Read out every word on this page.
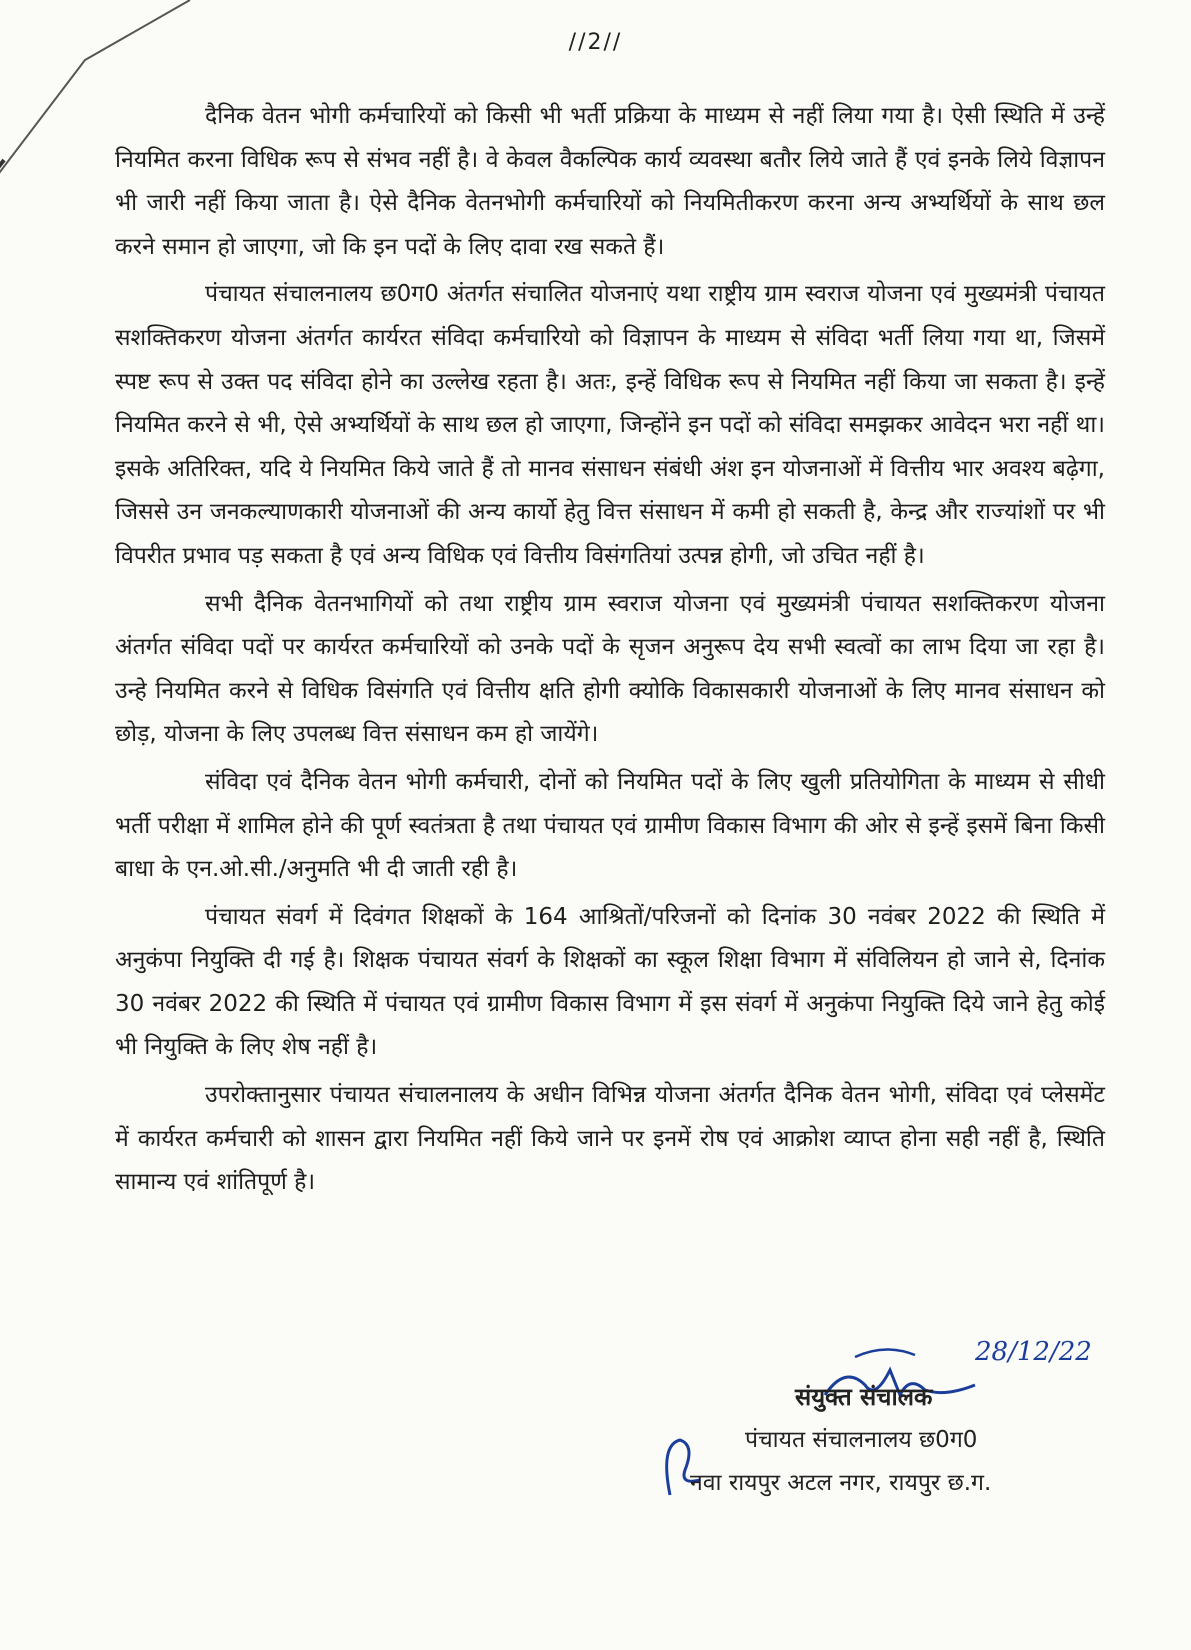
//2//

दैनिक वेतन भोगी कर्मचारियों को किसी भी भर्ती प्रक्रिया के माध्यम से नहीं लिया गया है। ऐसी स्थिति में उन्हें नियमित करना विधिक रूप से संभव नहीं है। वे केवल वैकल्पिक कार्य व्यवस्था बतौर लिये जाते हैं एवं इनके लिये विज्ञापन भी जारी नहीं किया जाता है। ऐसे दैनिक वेतनभोगी कर्मचारियों को नियमितीकरण करना अन्य अभ्यर्थियों के साथ छल करने समान हो जाएगा, जो कि इन पदों के लिए दावा रख सकते हैं।

पंचायत संचालनालय छ0ग0 अंतर्गत संचालित योजनाएं यथा राष्ट्रीय ग्राम स्वराज योजना एवं मुख्यमंत्री पंचायत सशक्तिकरण योजना अंतर्गत कार्यरत संविदा कर्मचारियो को विज्ञापन के माध्यम से संविदा भर्ती लिया गया था, जिसमें स्पष्ट रूप से उक्त पद संविदा होने का उल्लेख रहता है। अतः, इन्हें विधिक रूप से नियमित नहीं किया जा सकता है। इन्हें नियमित करने से भी, ऐसे अभ्यर्थियों के साथ छल हो जाएगा, जिन्होंने इन पदों को संविदा समझकर आवेदन भरा नहीं था। इसके अतिरिक्त, यदि ये नियमित किये जाते हैं तो मानव संसाधन संबंधी अंश इन योजनाओं में वित्तीय भार अवश्य बढ़ेगा, जिससे उन जनकल्याणकारी योजनाओं की अन्य कार्यो हेतु वित्त संसाधन में कमी हो सकती है, केन्द्र और राज्यांशों पर भी विपरीत प्रभाव पड़ सकता है एवं अन्य विधिक एवं वित्तीय विसंगतियां उत्पन्न होगी, जो उचित नहीं है।

सभी दैनिक वेतनभागियों को तथा राष्ट्रीय ग्राम स्वराज योजना एवं मुख्यमंत्री पंचायत सशक्तिकरण योजना अंतर्गत संविदा पदों पर कार्यरत कर्मचारियों को उनके पदों के सृजन अनुरूप देय सभी स्वत्वों का लाभ दिया जा रहा है। उन्हे नियमित करने से विधिक विसंगति एवं वित्तीय क्षति होगी क्योकि विकासकारी योजनाओं के लिए मानव संसाधन को छोड़, योजना के लिए उपलब्ध वित्त संसाधन कम हो जायेंगे।

संविदा एवं दैनिक वेतन भोगी कर्मचारी, दोनों को नियमित पदों के लिए खुली प्रतियोगिता के माध्यम से सीधी भर्ती परीक्षा में शामिल होने की पूर्ण स्वतंत्रता है तथा पंचायत एवं ग्रामीण विकास विभाग की ओर से इन्हें इसमें बिना किसी बाधा के एन.ओ.सी./अनुमति भी दी जाती रही है।

पंचायत संवर्ग में दिवंगत शिक्षकों के 164 आश्रितों/परिजनों को दिनांक 30 नवंबर 2022 की स्थिति में अनुकंपा नियुक्ति दी गई है। शिक्षक पंचायत संवर्ग के शिक्षकों का स्कूल शिक्षा विभाग में संविलियन हो जाने से, दिनांक 30 नवंबर 2022 की स्थिति में पंचायत एवं ग्रामीण विकास विभाग में इस संवर्ग में अनुकंपा नियुक्ति दिये जाने हेतु कोई भी नियुक्ति के लिए शेष नहीं है।

उपरोक्तानुसार पंचायत संचालनालय के अधीन विभिन्न योजना अंतर्गत दैनिक वेतन भोगी, संविदा एवं प्लेसमेंट में कार्यरत कर्मचारी को शासन द्वारा नियमित नहीं किये जाने पर इनमें रोष एवं आक्रोश व्याप्त होना सही नहीं है, स्थिति सामान्य एवं शांतिपूर्ण है।

28/12/22
संयुक्त संचालक
पंचायत संचालनालय छ0ग0
नवा रायपुर अटल नगर, रायपुर छ.ग.
